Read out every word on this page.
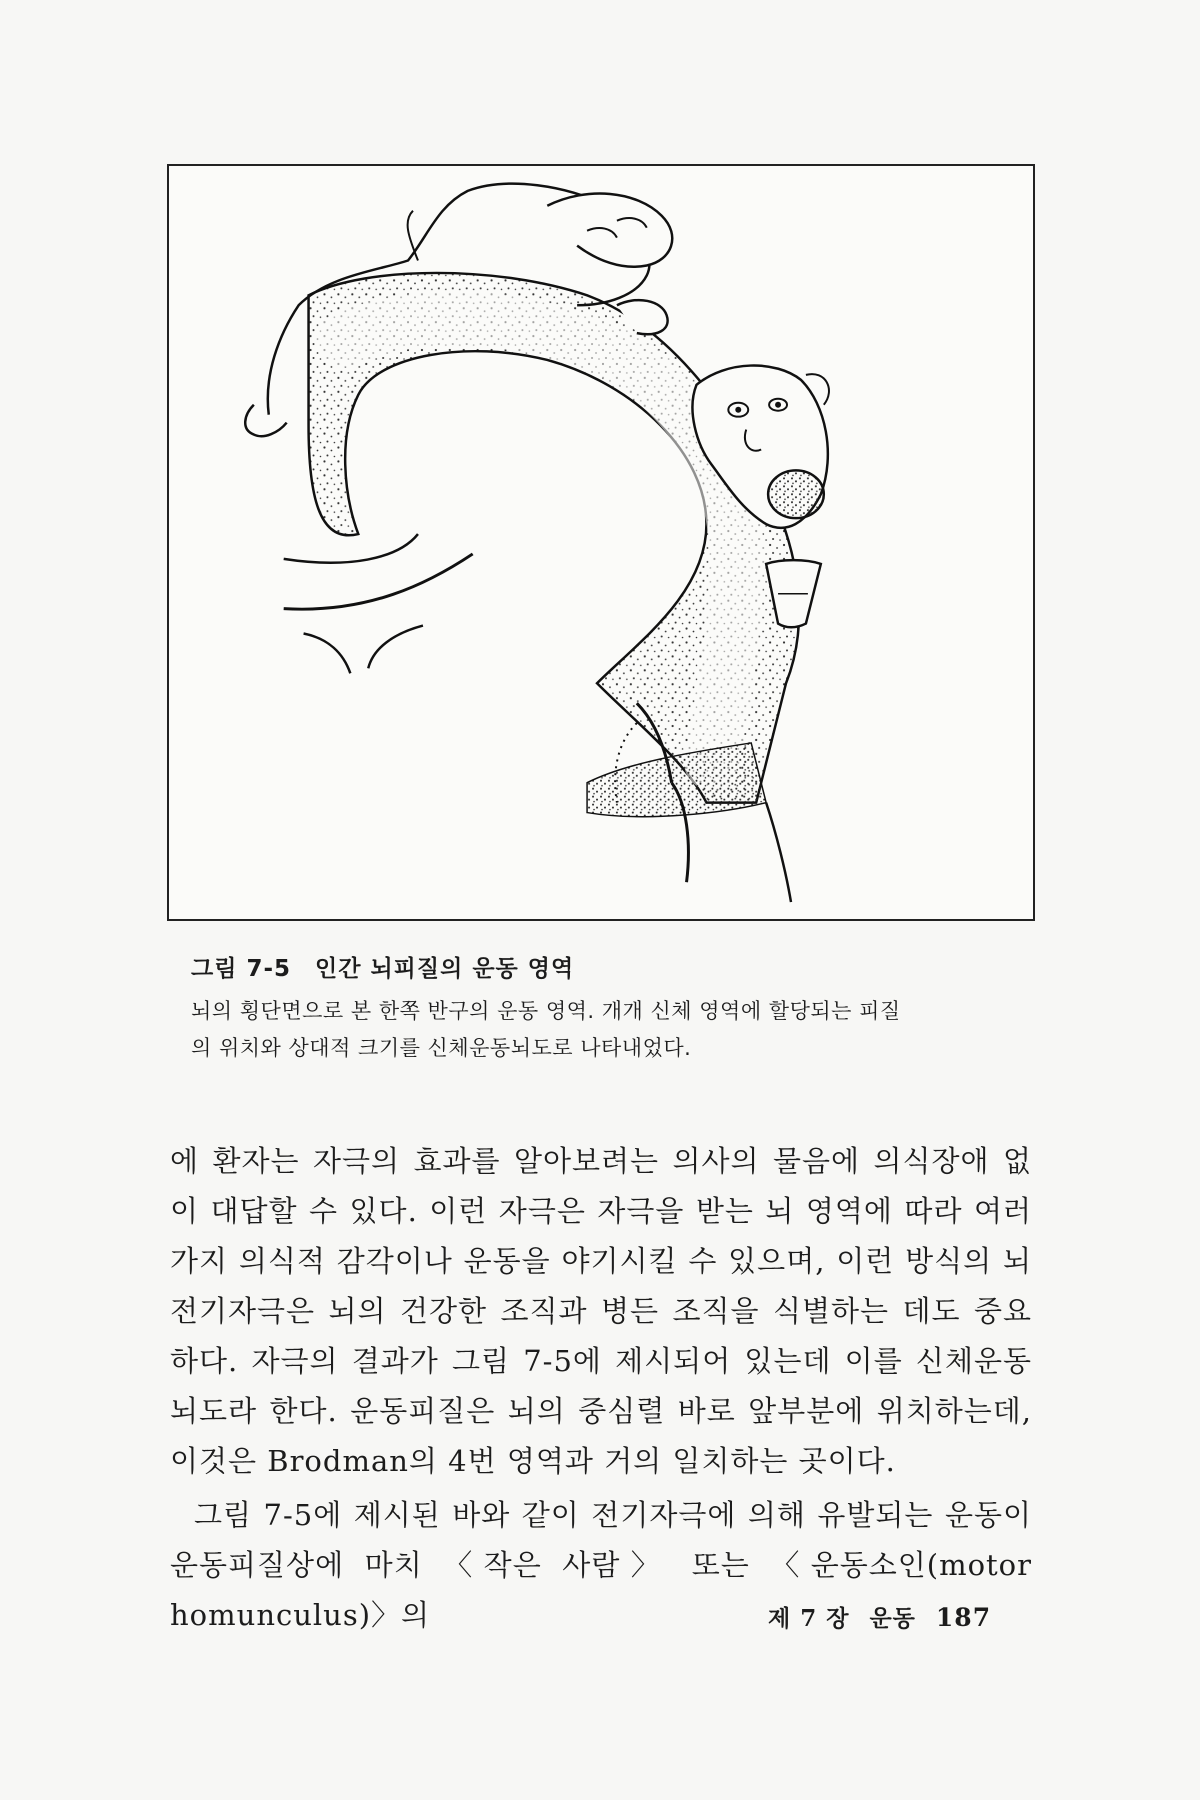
그림 7-5 인간 뇌피질의 운동 영역

뇌의 횡단면으로 본 한쪽 반구의 운동 영역. 개개 신체 영역에 할당되는 피질

의 위치와 상대적 크기를 신체운동뇌도로 나타내었다.

에 환자는 자극의 효과를 알아보려는 의사의 물음에 의식장애 없이 대답할 수 있다. 이런 자극은 자극을 받는 뇌 영역에 따라 여러 가지 의식적 감각이나 운동을 야기시킬 수 있으며, 이런 방식의 뇌 전기자극은 뇌의 건강한 조직과 병든 조직을 식별하는 데도 중요하다. 자극의 결과가 그림 7-5에 제시되어 있는데 이를 신체운동뇌도라 한다. 운동피질은 뇌의 중심렬 바로 앞부분에 위치하는데, 이것은 Brodman의 4번 영역과 거의 일치하는 곳이다.

그림 7-5에 제시된 바와 같이 전기자극에 의해 유발되는 운동이 운동피질상에 마치 〈작은 사람〉 또는 〈운동소인(motor homunculus)〉의	제 7 장 운동 187
